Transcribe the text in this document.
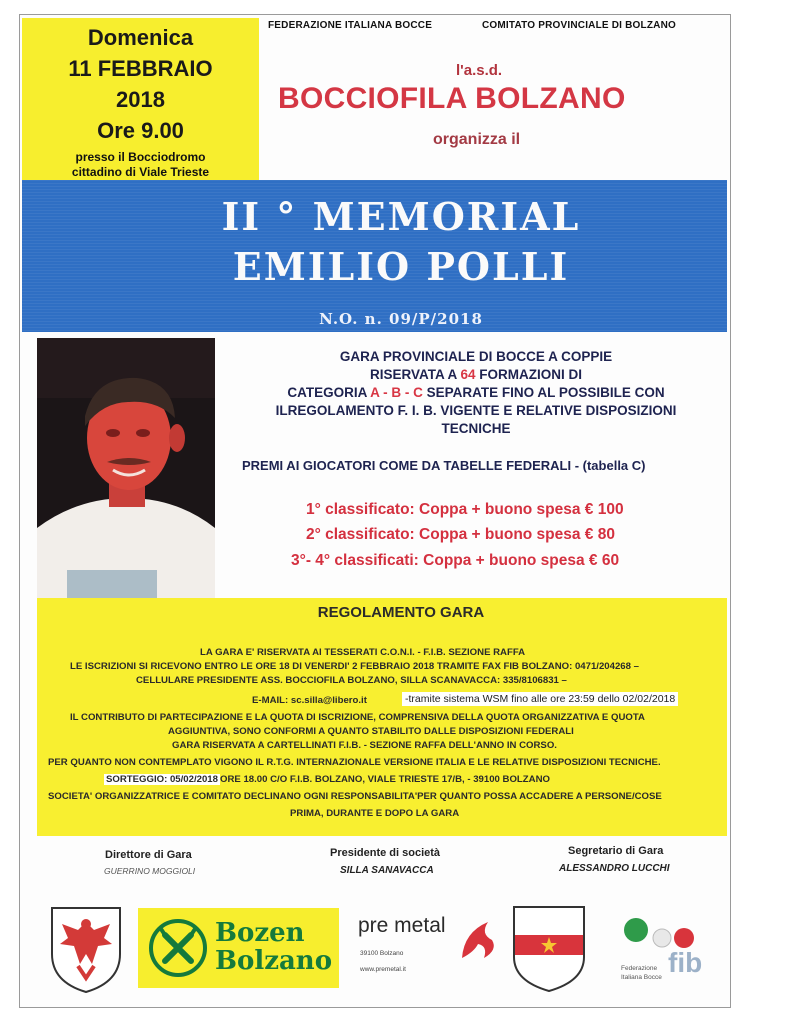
Domenica
11 FEBBRAIO
2018
Ore 9.00
presso il Bocciodromo
cittadino di Viale Trieste
FEDERAZIONE ITALIANA BOCCE	COMITATO PROVINCIALE DI BOLZANO
l'a.s.d.
BOCCIOFILA BOLZANO
organizza il
II ° MEMORIAL
EMILIO POLLI
N.O. n. 09/P/2018
GARA PROVINCIALE DI BOCCE A COPPIE
RISERVATA A 64 FORMAZIONI DI
CATEGORIA A - B - C SEPARATE FINO AL POSSIBILE CON
ILREGOLAMENTO F. I. B. VIGENTE E RELATIVE DISPOSIZIONI
TECNICHE
PREMI AI GIOCATORI COME DA TABELLE FEDERALI - (tabella C)
1° classificato: Coppa + buono spesa € 100
2° classificato: Coppa + buono spesa € 80
3°- 4° classificati: Coppa + buono spesa € 60
REGOLAMENTO GARA
LA GARA E' RISERVATA AI TESSERATI C.O.N.I. - F.I.B. SEZIONE RAFFA
LE ISCRIZIONI SI RICEVONO ENTRO LE ORE 18 DI VENERDI' 2 FEBBRAIO 2018 TRAMITE FAX FIB BOLZANO: 0471/204268 –
CELLULARE PRESIDENTE ASS. BOCCIOFILA BOLZANO, SILLA SCANAVACCA: 335/8106831 –
E-MAIL: sc.silla@libero.it	-tramite sistema WSM fino alle ore 23:59 dello 02/02/2018
IL CONTRIBUTO DI PARTECIPAZIONE E LA QUOTA DI ISCRIZIONE, COMPRENSIVA DELLA QUOTA ORGANIZZATIVA E QUOTA
AGGIUNTIVA, SONO CONFORMI A QUANTO STABILITO DALLE DISPOSIZIONI FEDERALI
GARA RISERVATA A CARTELLINATI F.I.B. - SEZIONE RAFFA DELL'ANNO IN CORSO.
PER QUANTO NON CONTEMPLATO VIGONO IL R.T.G. INTERNAZIONALE VERSIONE ITALIA E LE RELATIVE DISPOSIZIONI TECNICHE.
SORTEGGIO: 05/02/2018 ORE 18.00 C/O F.I.B. BOLZANO, VIALE TRIESTE 17/B, - 39100 BOLZANO
SOCIETA' ORGANIZZATRICE E COMITATO DECLINANO OGNI RESPONSABILITA'PER QUANTO POSSA ACCADERE A PERSONE/COSE
PRIMA, DURANTE E DOPO LA GARA
Direttore di Gara
GUERRINO MOGGIOLI
Presidente di società
SILLA SANAVACCA
Segretario di Gara
ALESSANDRO LUCCHI
Bozen
Bolzano
pre metal
39100 Bolzano
www.premetal.it	fib
Federazione
Italiana Bocce
